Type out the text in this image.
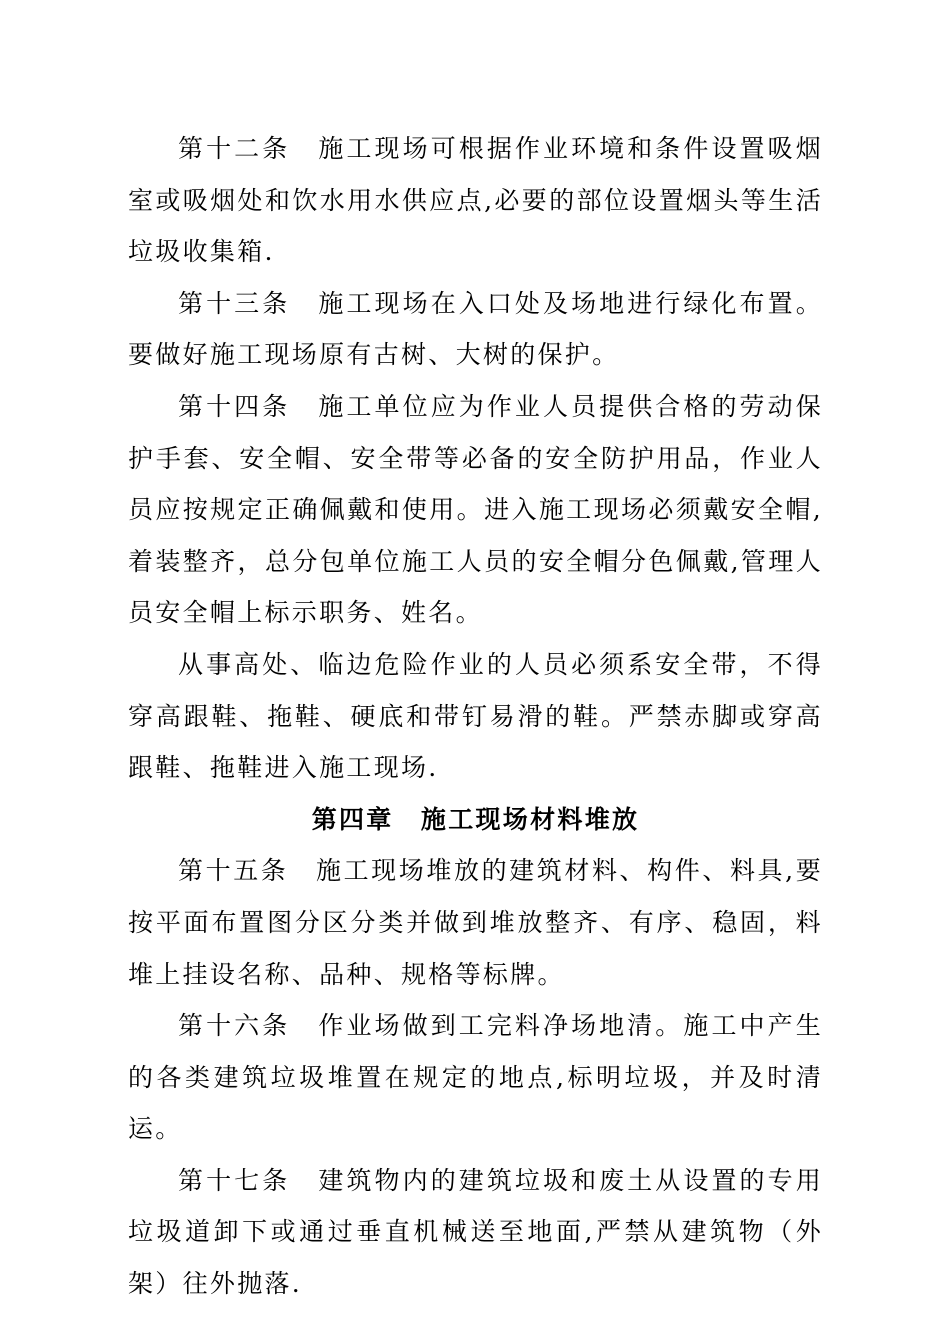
第十二条　施工现场可根据作业环境和条件设置吸烟室或吸烟处和饮水用水供应点,必要的部位设置烟头等生活垃圾收集箱.

第十三条　施工现场在入口处及场地进行绿化布置。要做好施工现场原有古树、大树的保护。

第十四条　施工单位应为作业人员提供合格的劳动保护手套、安全帽、安全带等必备的安全防护用品，作业人员应按规定正确佩戴和使用。进入施工现场必须戴安全帽,着装整齐，总分包单位施工人员的安全帽分色佩戴,管理人员安全帽上标示职务、姓名。

从事高处、临边危险作业的人员必须系安全带，不得穿高跟鞋、拖鞋、硬底和带钉易滑的鞋。严禁赤脚或穿高跟鞋、拖鞋进入施工现场.

第四章　施工现场材料堆放

第十五条　施工现场堆放的建筑材料、构件、料具,要按平面布置图分区分类并做到堆放整齐、有序、稳固，料堆上挂设名称、品种、规格等标牌。

第十六条　作业场做到工完料净场地清。施工中产生的各类建筑垃圾堆置在规定的地点,标明垃圾，并及时清运。

第十七条　建筑物内的建筑垃圾和废土从设置的专用垃圾道卸下或通过垂直机械送至地面,严禁从建筑物（外架）往外抛落.
